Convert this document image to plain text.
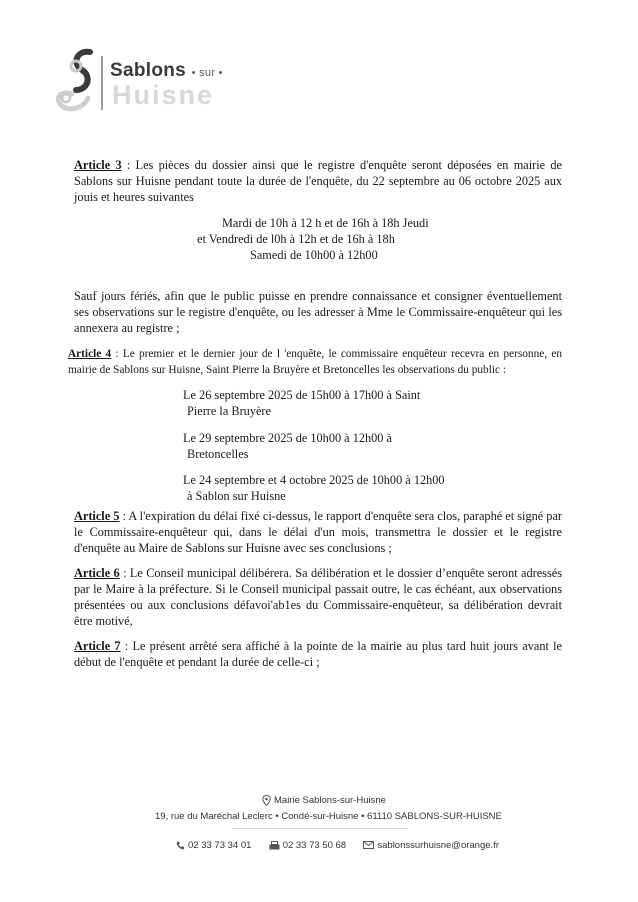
Sablons • sur •
Huisne
Article 3 : Les pièces du dossier ainsi que le registre d'enquête seront déposées en mairie de Sablons sur Huisne pendant toute la durée de l'enquête, du 22 septembre au 06 octobre 2025 aux jouis et heures suivantes
Mardi de 10h à 12 h et de 16h à 18h Jeudi
et Vendredi de l0h à 12h et de 16h à 18h
Samedi de 10h00 à 12h00
Sauf jours fériés, afin que le public puisse en prendre connaissance et consigner éventuellement ses observations sur le registre d'enquête, ou les adresser à Mme le Commissaire-enquêteur qui les annexera au registre ;
Article 4 : Le premier et le dernier jour de l 'enquête, le commissaire enquêteur recevra en personne, en mairie de Sablons sur Huisne, Saint Pierre la Bruyère et Bretoncelles les observations du public :
Le 26 septembre 2025 de 15h00 à 17h00 à Saint
Pierre la Bruyère
Le 29 septembre 2025 de 10h00 à 12h00 à
Bretoncelles
Le 24 septembre et 4 octobre 2025 de 10h00 à 12h00
à Sablon sur Huisne
Article 5 : A l'expiration du délai fixé ci-dessus, le rapport d'enquête sera clos, paraphé et signé par le Commissaire-enquêteur qui, dans le délai d'un mois, transmettra le dossier et le registre d'enquête au Maire de Sablons sur Huisne avec ses conclusions ;
Article 6 : Le Conseil municipal délibérera. Sa délibération et le dossier d’enquête seront adressés par le Maire à la préfecture. Si le Conseil municipal passait outre, le cas échéant, aux observations présentées ou aux conclusions défavoi'ab1es du Commissaire-enquêteur, sa délibération devrait être motivé,
Article 7 : Le présent arrêté sera affiché à la pointe de la mairie au plus tard huit jours avant le début de l'enquête et pendant la durée de celle-ci ;
Mairie Sablons-sur-Huisne
19, rue du Maréchal Leclerc • Condé-sur-Huisne • 61110 SABLONS-SUR-HUISNE
02 33 73 34 01	02 33 73 50 68	sablonssurhuisne@orange.fr
